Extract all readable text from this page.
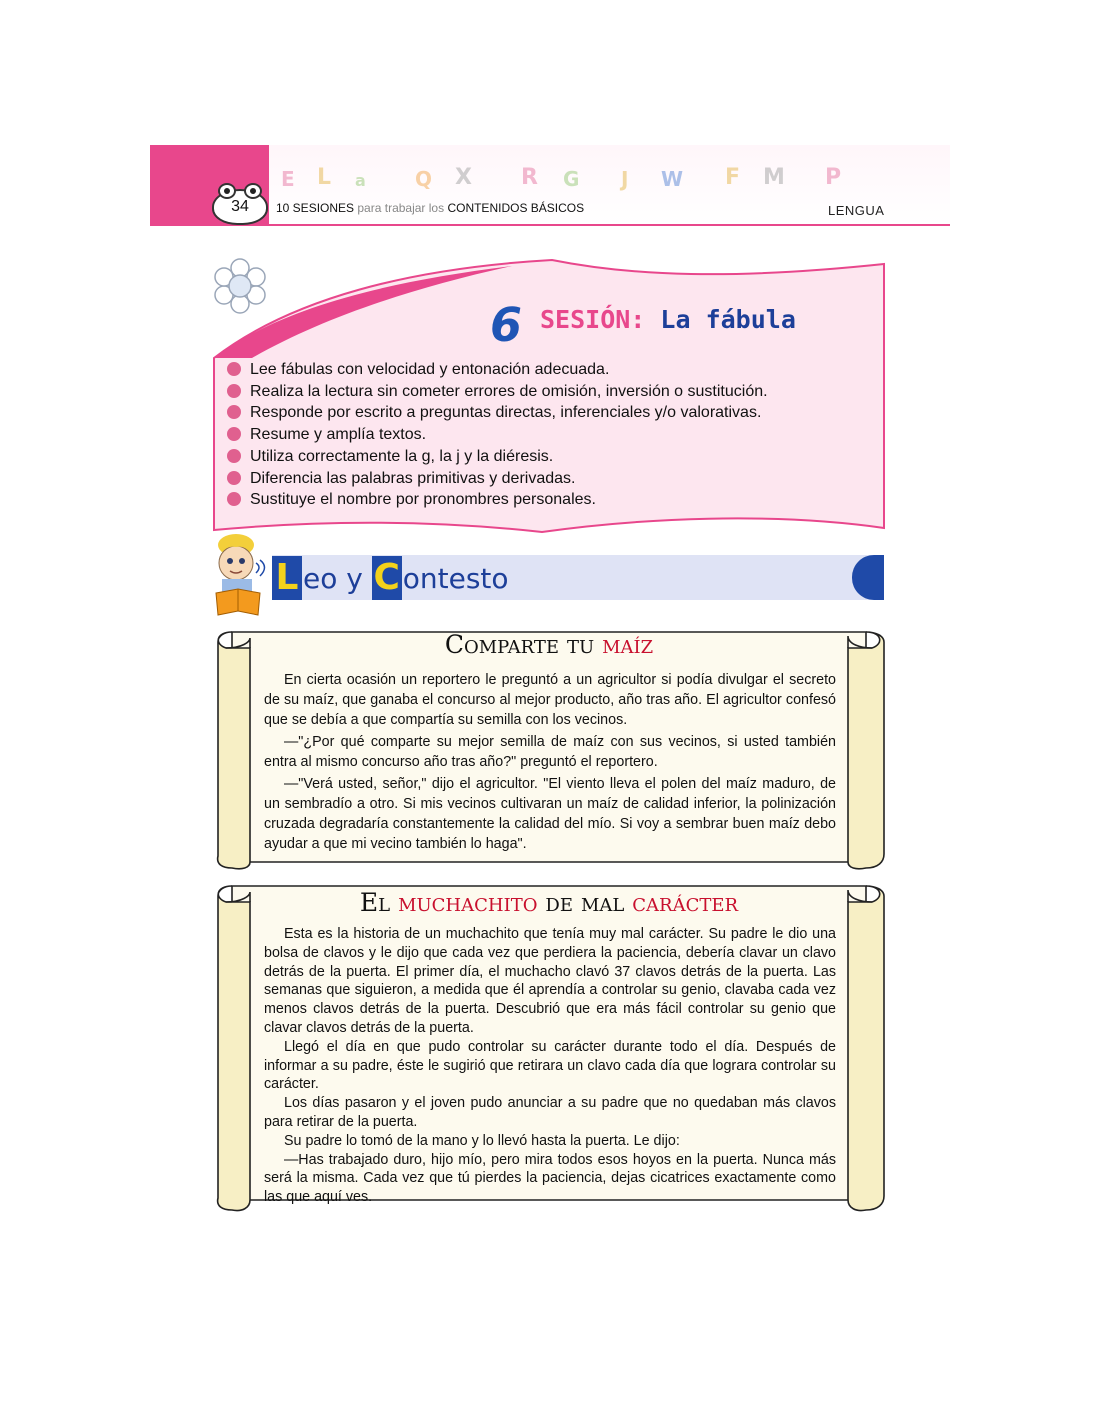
E L a Q X R G J W F M P
34	10 SESIONES para trabajar los CONTENIDOS BÁSICOS	LENGUA
6 SESIÓN: La fábula
Lee fábulas con velocidad y entonación adecuada.
Realiza la lectura sin cometer errores de omisión, inversión o sustitución.
Responde por escrito a preguntas directas, inferenciales y/o valorativas.
Resume y amplía textos.
Utiliza correctamente la g, la j y la diéresis.
Diferencia las palabras primitivas y derivadas.
Sustituye el nombre por pronombres personales.
L eo y C ontesto
Comparte tu maíz

En cierta ocasión un reportero le preguntó a un agricultor si podía divulgar el secreto de su maíz, que ganaba el concurso al mejor producto, año tras año. El agricultor confesó que se debía a que compartía su semilla con los vecinos.

—"¿Por qué comparte su mejor semilla de maíz con sus vecinos, si usted también entra al mismo concurso año tras año?" preguntó el reportero.

—"Verá usted, señor," dijo el agricultor. "El viento lleva el polen del maíz maduro, de un sembradío a otro. Si mis vecinos cultivaran un maíz de calidad inferior, la polinización cruzada degradaría constantemente la calidad del mío. Si voy a sembrar buen maíz debo ayudar a que mi vecino también lo haga".

El muchachito de mal carácter

Esta es la historia de un muchachito que tenía muy mal carácter. Su padre le dio una bolsa de clavos y le dijo que cada vez que perdiera la paciencia, debería clavar un clavo detrás de la puerta. El primer día, el muchacho clavó 37 clavos detrás de la puerta. Las semanas que siguieron, a medida que él aprendía a controlar su genio, clavaba cada vez menos clavos detrás de la puerta. Descubrió que era más fácil controlar su genio que clavar clavos detrás de la puerta.

Llegó el día en que pudo controlar su carácter durante todo el día. Después de informar a su padre, éste le sugirió que retirara un clavo cada día que lograra controlar su carácter.

Los días pasaron y el joven pudo anunciar a su padre que no quedaban más clavos para retirar de la puerta.

Su padre lo tomó de la mano y lo llevó hasta la puerta. Le dijo:

—Has trabajado duro, hijo mío, pero mira todos esos hoyos en la puerta. Nunca más será la misma. Cada vez que tú pierdes la paciencia, dejas cicatrices exactamente como las que aquí ves.
